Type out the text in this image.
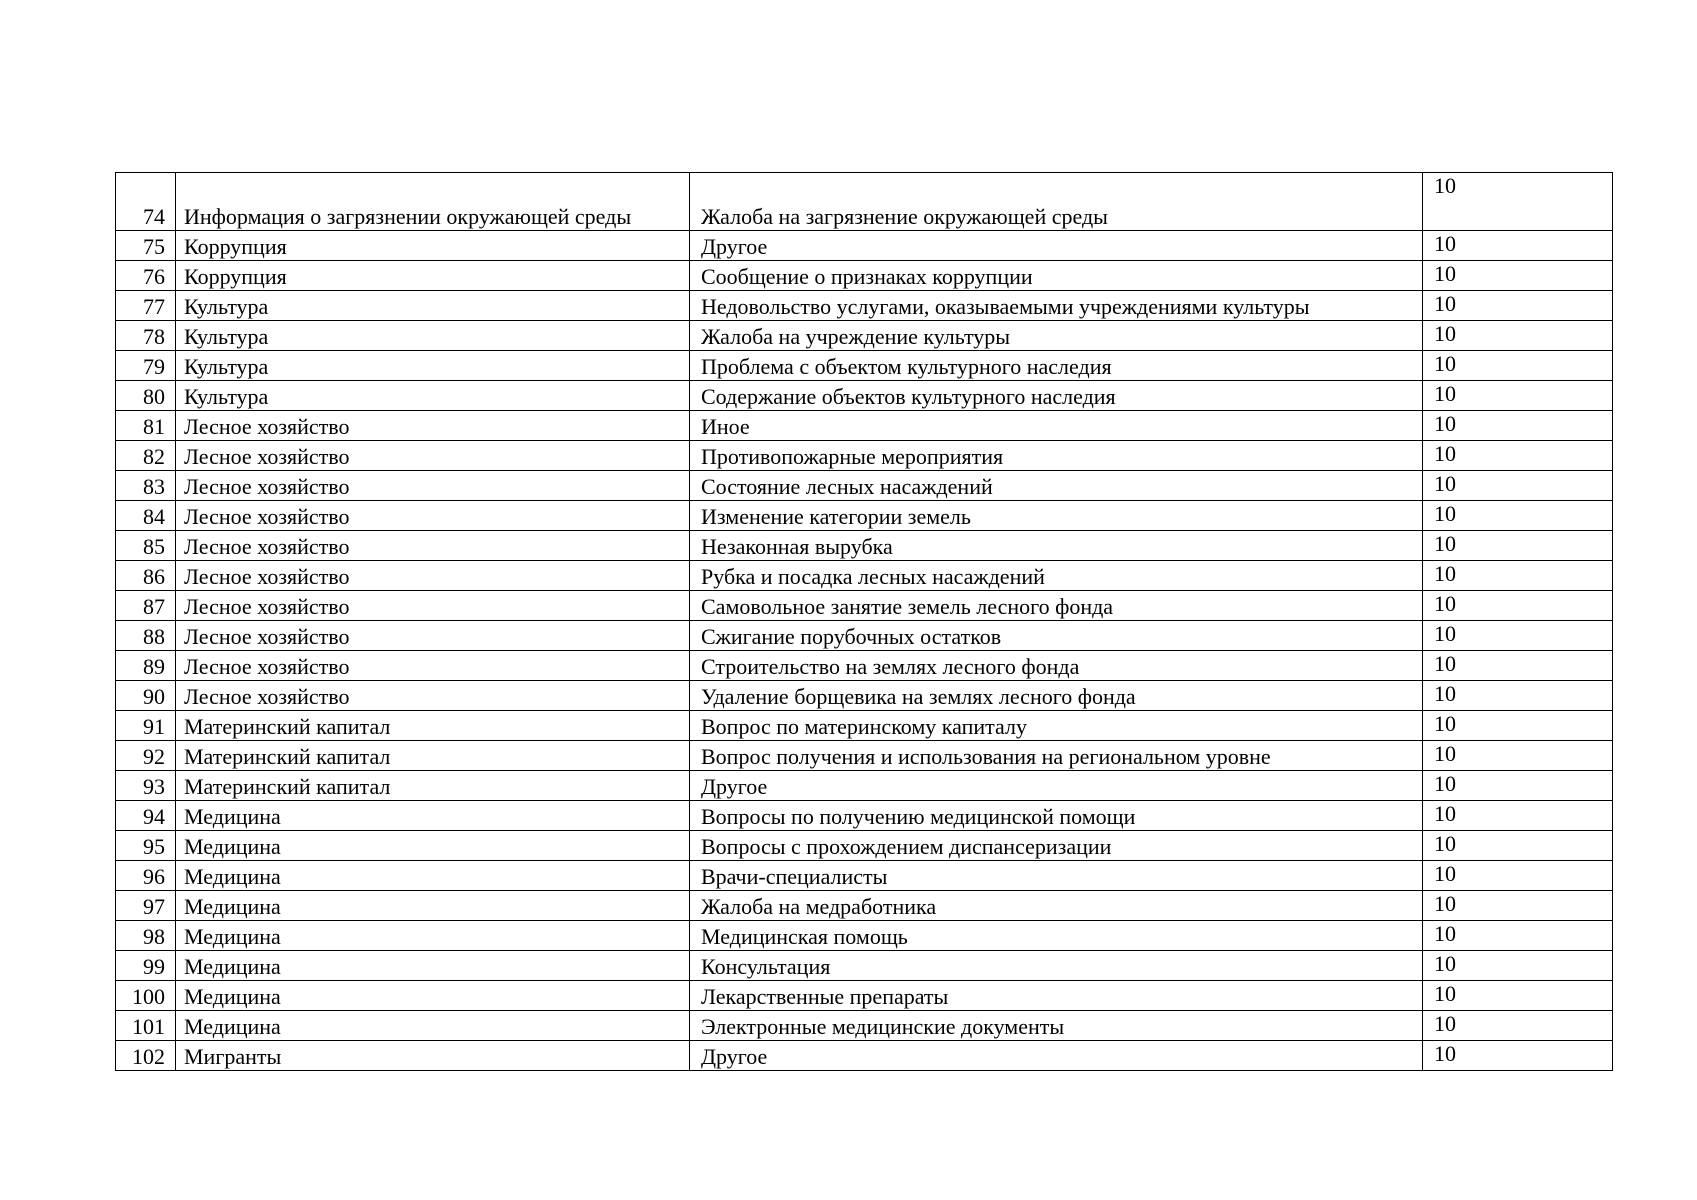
74	Информация о загрязнении окружающей среды	Жалоба на загрязнение окружающей среды	10
75	Коррупция	Другое	10
76	Коррупция	Сообщение о признаках коррупции	10
77	Культура	Недовольство услугами, оказываемыми учреждениями культуры	10
78	Культура	Жалоба на учреждение культуры	10
79	Культура	Проблема с объектом культурного наследия	10
80	Культура	Содержание объектов культурного наследия	10
81	Лесное хозяйство	Иное	10
82	Лесное хозяйство	Противопожарные мероприятия	10
83	Лесное хозяйство	Состояние лесных насаждений	10
84	Лесное хозяйство	Изменение категории земель	10
85	Лесное хозяйство	Незаконная вырубка	10
86	Лесное хозяйство	Рубка и посадка лесных насаждений	10
87	Лесное хозяйство	Самовольное занятие земель лесного фонда	10
88	Лесное хозяйство	Сжигание порубочных остатков	10
89	Лесное хозяйство	Строительство на землях лесного фонда	10
90	Лесное хозяйство	Удаление борщевика на землях лесного фонда	10
91	Материнский капитал	Вопрос по материнскому капиталу	10
92	Материнский капитал	Вопрос получения и использования на региональном уровне	10
93	Материнский капитал	Другое	10
94	Медицина	Вопросы по получению медицинской помощи	10
95	Медицина	Вопросы с прохождением диспансеризации	10
96	Медицина	Врачи-специалисты	10
97	Медицина	Жалоба на медработника	10
98	Медицина	Медицинская помощь	10
99	Медицина	Консультация	10
100	Медицина	Лекарственные препараты	10
101	Медицина	Электронные медицинские документы	10
102	Мигранты	Другое	10
